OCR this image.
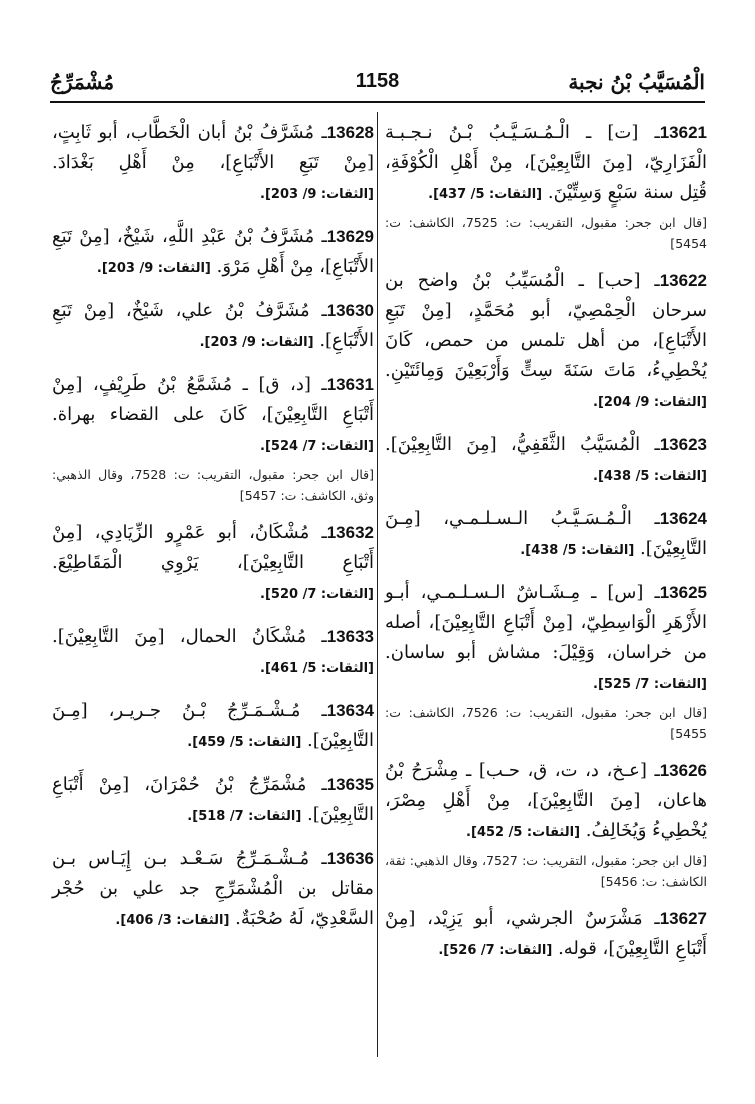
الْمُسَيَّبُ بْنُ نجبة
1158
مُشْمَرِّجُ
13621ـ [ت] ـ الْـمُـسَـيَّـبُ بْـنُ نـجـبـة الْفَزَارِيّ، [مِنَ التَّابِعِيْنَ]، مِنْ أَهْلِ الْكُوْفَةِ، قُتِل سنة سَبْعٍ وَسِتِّيْنَ. [الثقات: 5/ 437].
[قال ابن جحر: مقبول، التقريب: ت: 7525، الكاشف: ت: 5454]
13622ـ [حب] ـ الْمُسَيِّبُ بْنُ واضح بن سرحان الْحِمْصِيّ، أبو مُحَمَّدٍ، [مِنْ تَبَعِ الأَتْبَاعِ]، من أهل تلمس من حمص، كَانَ يُخْطِيءُ، مَاتَ سَنَةَ سِتٍّ وَأَرْبَعِيْنَ وَمِائَتَيْنِ. [الثقات: 9/ 204].
13623ـ الْمُسَيَّبُ الثَّقَفِيُّ، [مِنَ التَّابِعِيْنَ]. [الثقات: 5/ 438].
13624ـ الْـمُـسَـيَّـبُ الـسـلـمـي، [مِـنَ التَّابِعِيْنَ]. [الثقات: 5/ 438].
13625ـ [س] ـ مِـشَـاشٌ الـسـلـمـي، أبـو الأَزْهَرِ الْوَاسِطِيّ، [مِنْ أَتْبَاعِ التَّابِعِيْنَ]، أصله من خراسان، وَقِيْلَ: مشاش أبو ساسان. [الثقات: 7/ 525].
[قال ابن جحر: مقبول، التقريب: ت: 7526، الكاشف: ت: 5455]
13626ـ [عـخ، د، ت، ق، حـب] ـ مِشْرَحُ بْنُ هاعان، [مِنَ التَّابِعِيْنَ]، مِنْ أَهْلِ مِصْرَ، يُخْطِيءُ وَيُخَالِفُ. [الثقات: 5/ 452].
[قال ابن جحر: مقبول، التقريب: ت: 7527، وقال الذهبي: ثقة، الكاشف: ت: 5456]
13627ـ مَشْرَسٌ الجرشي، أبو يَزِيْد، [مِنْ أَتْبَاعِ التَّابِعِيْنَ]، قوله. [الثقات: 7/ 526].
13628ـ مُشَرَّفُ بْنُ أبان الْخَطَّاب، أبو ثَابِتٍ، [مِنْ تَبَعِ الأَتْبَاعِ]، مِنْ أَهْلِ بَغْدَادَ. [الثقات: 9/ 203].
13629ـ مُشَرَّفُ بْنُ عَبْدِ اللَّهِ، شَيْخٌ، [مِنْ تَبَعِ الأَتْبَاعِ]، مِنْ أَهْلِ مَرْوَ. [الثقات: 9/ 203].
13630ـ مُشَرَّفُ بْنُ علي، شَيْخٌ، [مِنْ تَبَعِ الأَتْبَاعِ]. [الثقات: 9/ 203].
13631ـ [د، ق] ـ مُشَمَّعُ بْنُ طَرِيْفٍ، [مِنْ أَتْبَاعِ التَّابِعِيْنَ]، كَانَ على القضاء بهراة. [الثقات: 7/ 524].
[قال ابن جحر: مقبول، التقريب: ت: 7528، وقال الذهبي: وثق، الكاشف: ت: 5457]
13632ـ مُشْكَانُ، أبو عَمْرٍو الزِّيَادِي، [مِنْ أَتْبَاعِ التَّابِعِيْنَ]، يَرْوِي الْمَقَاطِيْعَ. [الثقات: 7/ 520].
13633ـ مُشْكَانُ الحمال، [مِنَ التَّابِعِيْنَ]. [الثقات: 5/ 461].
13634ـ مُـشْـمَـرِّجُ بْـنُ جـريـر، [مِـنَ التَّابِعِيْنَ]. [الثقات: 5/ 459].
13635ـ مُشْمَرِّجُ بْنُ حُمْرَانَ، [مِنْ أَتْبَاعِ التَّابِعِيْنَ]. [الثقات: 7/ 518].
13636ـ مُـشْـمَـرِّجُ سَـعْـد بـن إِيَـاس بـن مقاتل بن الْمُشْمَرِّجِ جد علي بن حُجْر السَّعْدِيّ، لَهُ صُحْبَةٌ. [الثقات: 3/ 406].
